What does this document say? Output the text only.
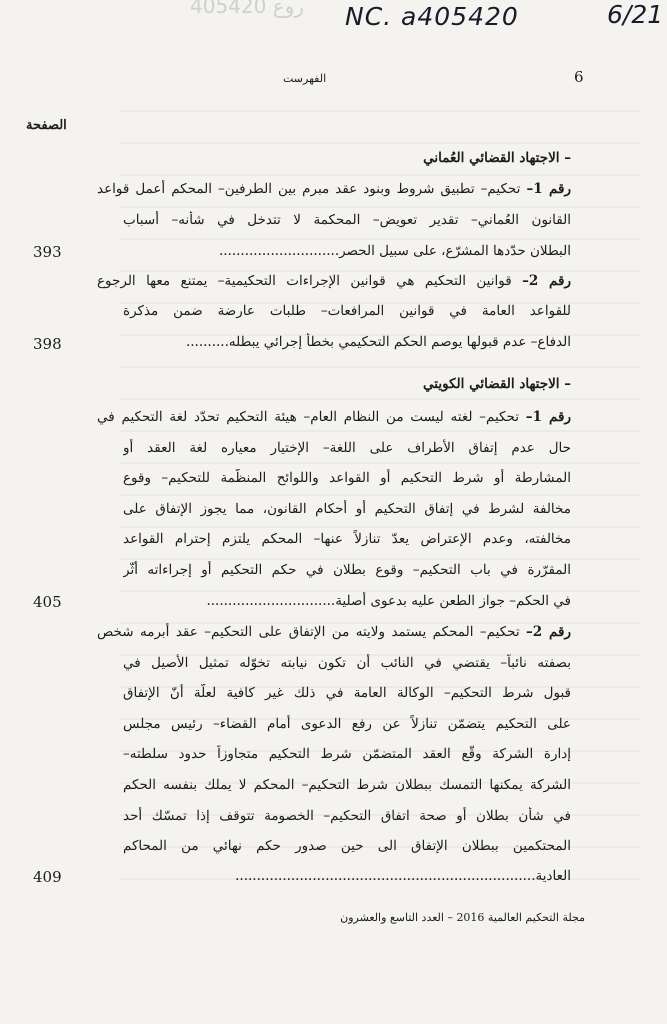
ﺭﻭﻉ 405420 NC. a405420	6/21
6
الفهرست
الصفحة
– الاجتهاد القضائي العُماني
رقم 1– تحكيم– تطبيق شروط وبنود عقد مبرم بين الطرفين– المحكم أعمل قواعد
القانون العُماني– تقدير تعويض– المحكمة لا تتدخل في شأنه– أسباب
البطلان حدّدها المشرّع، على سبيل الحصر............................
393
رقم 2– قوانين التحكيم هي قوانين الإجراءات التحكيمية– يمتنع معها الرجوع
للقواعد العامة في قوانين المرافعات– طلبات عارضة ضمن مذكرة
الدفاع– عدم قبولها يوصم الحكم التحكيمي بخطأ إجرائي يبطله..........
398
– الاجتهاد القضائي الكويتي
رقم 1– تحكيم– لغته ليست من النظام العام– هيئة التحكيم تحدّد لغة التحكيم في
حال عدم إتفاق الأطراف على اللغة– الإختيار معياره لغة العقد أو
المشارطة أو شرط التحكيم أو القواعد واللوائح المنظّمة للتحكيم– وقوع
مخالفة لشرط في إتفاق التحكيم أو أحكام القانون، مما يجوز الإتفاق على
مخالفته، وعدم الإعتراض يعدّ تنازلاً عنها– المحكم يلتزم إحترام القواعد
المقرّرة في باب التحكيم– وقوع بطلان في حكم التحكيم أو إجراءاته أثّر
في الحكم– جواز الطعن عليه بدعوى أصلية..............................
405
رقم 2– تحكيم– المحكم يستمد ولايته من الإتفاق على التحكيم– عقد أبرمه شخص
بصفته نائباً– يقتضي في النائب أن تكون نيابته تخوّله تمثيل الأصيل في
قبول شرط التحكيم– الوكالة العامة في ذلك غير كافية لعلّة أنّ الإتفاق
على التحكيم يتضمّن تنازلاً عن رفع الدعوى أمام القضاء– رئيس مجلس
إدارة الشركة وقّع العقد المتضمّن شرط التحكيم متجاوزاً حدود سلطته–
الشركة يمكنها التمسك ببطلان شرط التحكيم– المحكم لا يملك بنفسه الحكم
في شأن بطلان أو صحة اتفاق التحكيم– الخصومة تتوقف إذا تمسّك أحد
المحتكمين ببطلان الإتفاق الى حين صدور حكم نهائي من المحاكم
العادية......................................................................
409
مجلة التحكيم العالمية 2016 – العدد التاسع والعشرون
